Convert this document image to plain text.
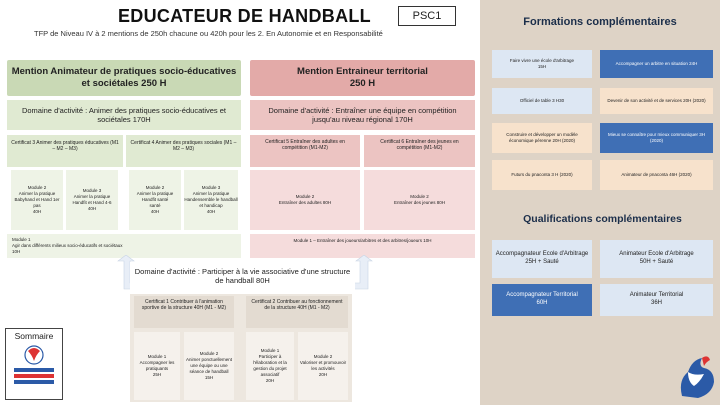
EDUCATEUR DE HANDBALL	PSC1
TFP de Niveau IV à 2 mentions de 250h chacune ou 420h pour les 2. En Autonomie et en Responsabilité
Formations complémentaires
Faire vivre une école d'arbitrage
15H
Accompagner un arbitre en situation 24H
Officiel de table 3 H30	Devenir de son activité et de services 20H (2020)
Construire et développer un modèle économique pérenne 20H (2020)
Mieux se connaître pour mieux communiquer 3H (2020)
Futurs du pnaconta 3 H (2020)	Animateur de pnaconta 46H (2020)
Qualifications complémentaires
Accompagnateur Ecole d'Arbitrage
25H + Sauté
Animateur Ecole d'Arbitrage
50H + Sauté
Accompagnateur Territorial
60H
Animateur Territorial
36H
Mention Animateur de pratiques socio-éducatives et sociétales 250 H
Domaine d'activité : Animer des pratiques socio-éducatives et sociétales 170H
Certificat 3 Animer des pratiques éducatives (M1 – M2 – M3)
Module 2
Animer la pratique Babyhand et Hand 1er pas
40H
Module 3
Animer la pratique Handfit et Hand 4-6
40H
Certificat 4 Animer des pratiques sociales (M1 – M2 – M3)
Module 2
Animer la pratique Handfit santé
santé
40H
Module 3
Animer la pratique Handensemble le handball et handicap
40H
Module 1
Agir dans différents milieux socio-éducatifs et sociétaux
10H
Mention Entraineur territorial 250 H
Domaine d'activité : Entraîner une équipe en compétition jusqu'au niveau régional 170H
Certificat 5 Entraîner des adultes en compétition (M1-M2)
Module 2
Entraîner des adultes 80H
Certificat 6 Entraîner des jeunes en compétition (M1-M2)
Module 2
Entraîner des jeunes 80H
Module 1 – Entraîner des joueurs/arbitres et des arbitres/joueurs 10H
Domaine d'activité : Participer à la vie associative d'une structure de handball 80H
Certificat 1 Contribuer à l'animation sportive de la structure 40H (M1 - M2)
Module 1
Accompagner les pratiquants
25H
Module 2
Animer ponctuellement une équipe ou une séance de handball
15H
Certificat 2 Contribuer au fonctionnement de la structure 40H (M1 - M2)
Module 1
Participer à l'élaboration et la gestion du projet associatif
20H
Module 2
Valoriser et promouvoir les activités
20H
Sommaire
